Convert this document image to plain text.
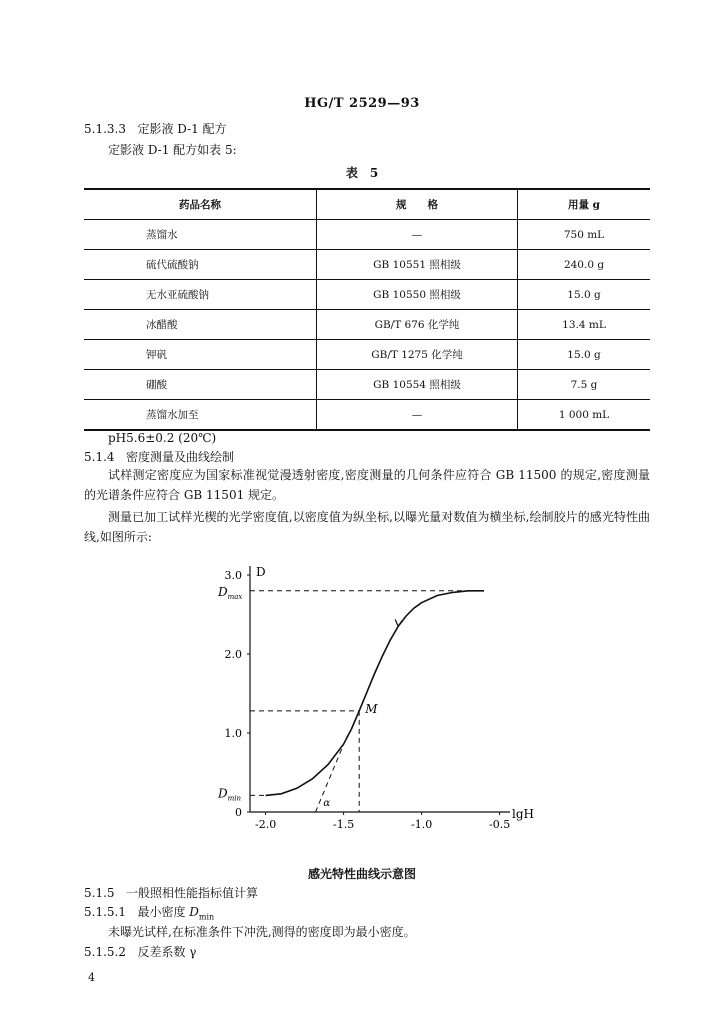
HG/T 2529—93
5.1.3.3 定影液 D-1 配方
定影液 D-1 配方如表 5:
表　5
药品名称	规　　格	用量 g
蒸馏水	—	750 mL
硫代硫酸钠	GB 10551 照相级	240.0 g
无水亚硫酸钠	GB 10550 照相级	15.0 g
冰醋酸	GB/T 676 化学纯	13.4 mL
钾矾	GB/T 1275 化学纯	15.0 g
硼酸	GB 10554 照相级	7.5 g
蒸馏水加至	—	1 000 mL
pH5.6±0.2 (20℃)
5.1.4 密度测量及曲线绘制
试样测定密度应为国家标准视觉漫透射密度,密度测量的几何条件应符合 GB 11500 的规定,密度测量的光谱条件应符合 GB 11501 规定。
测量已加工试样光楔的光学密度值,以密度值为纵坐标,以曝光量对数值为横坐标,绘制胶片的感光特性曲线,如图所示:
D
lgH
0
1.0
2.0
3.0
-2.0	-1.5	-1.0	-0.5
$D_{max}$
$D_{min}$
M
α
感光特性曲线示意图
5.1.5 一般照相性能指标值计算
5.1.5.1 最小密度 $D_{min}$
未曝光试样,在标准条件下冲洗,测得的密度即为最小密度。
5.1.5.2 反差系数 γ
4
